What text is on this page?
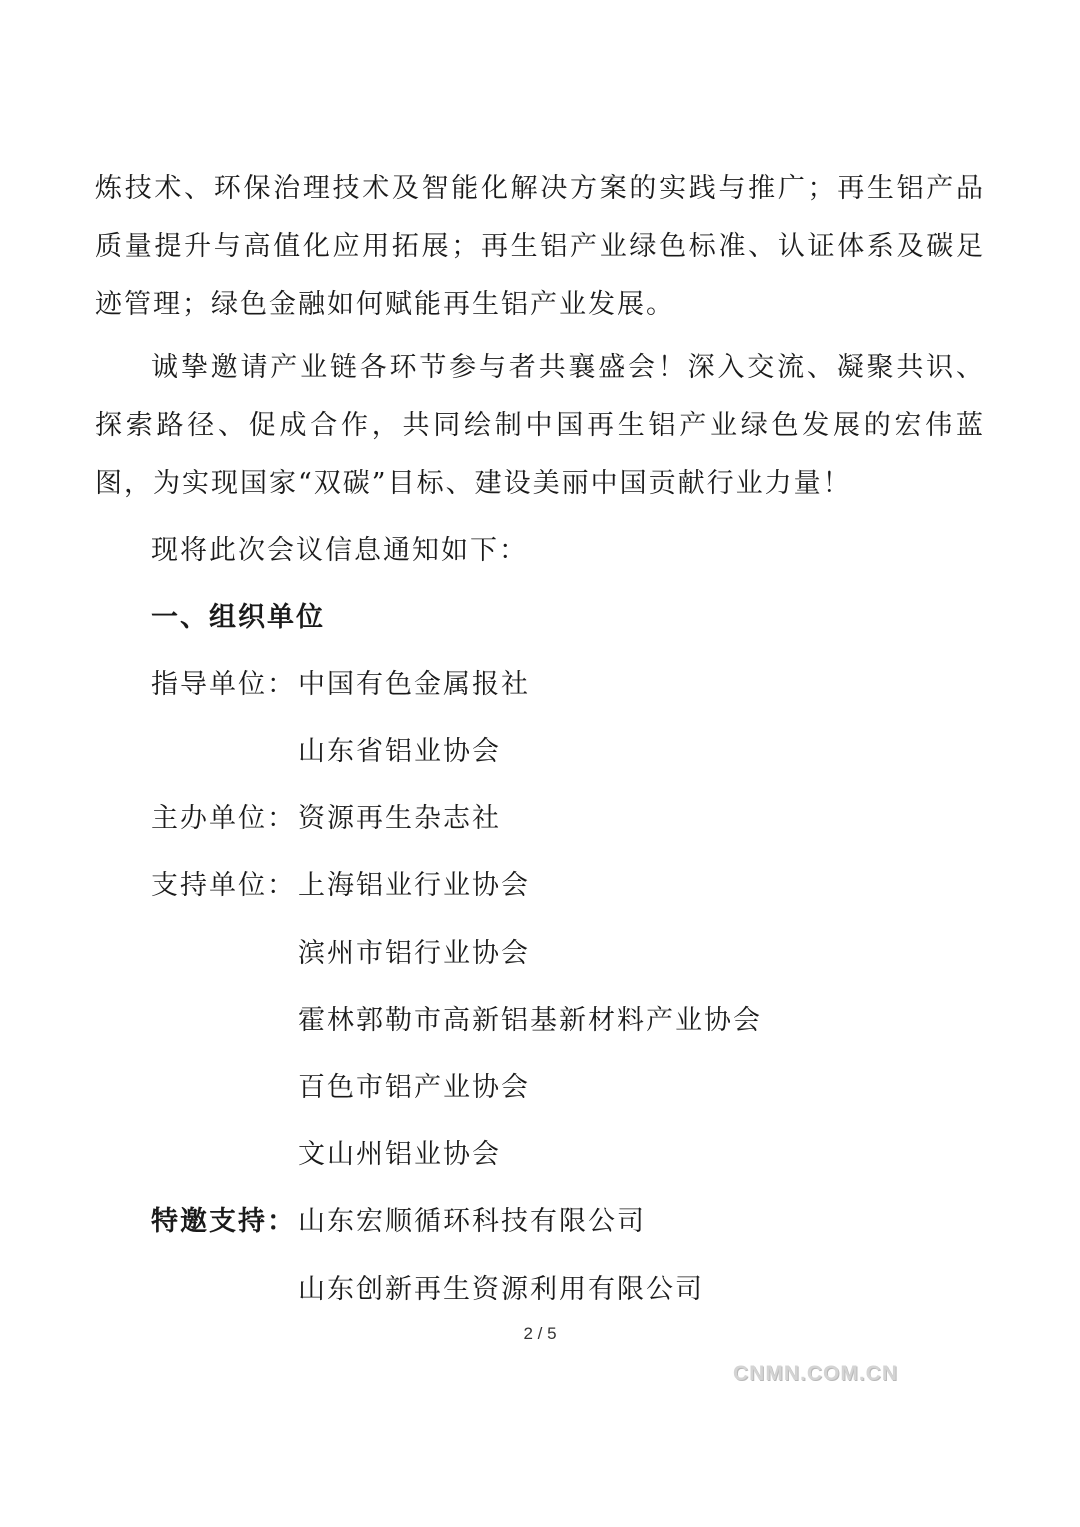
炼技术、环保治理技术及智能化解决方案的实践与推广；再生铝产品质量提升与高值化应用拓展；再生铝产业绿色标准、认证体系及碳足迹管理；绿色金融如何赋能再生铝产业发展。

诚挚邀请产业链各环节参与者共襄盛会！深入交流、凝聚共识、探索路径、促成合作，共同绘制中国再生铝产业绿色发展的宏伟蓝图，为实现国家“双碳”目标、建设美丽中国贡献行业力量！

现将此次会议信息通知如下：
一、组织单位
指导单位： 中国有色金属报社
山东省铝业协会
主办单位： 资源再生杂志社
支持单位： 上海铝业行业协会
滨州市铝行业协会
霍林郭勒市高新铝基新材料产业协会
百色市铝产业协会
文山州铝业协会
特邀支持： 山东宏顺循环科技有限公司
山东创新再生资源利用有限公司
2 / 5
CNMN.COM.CN
